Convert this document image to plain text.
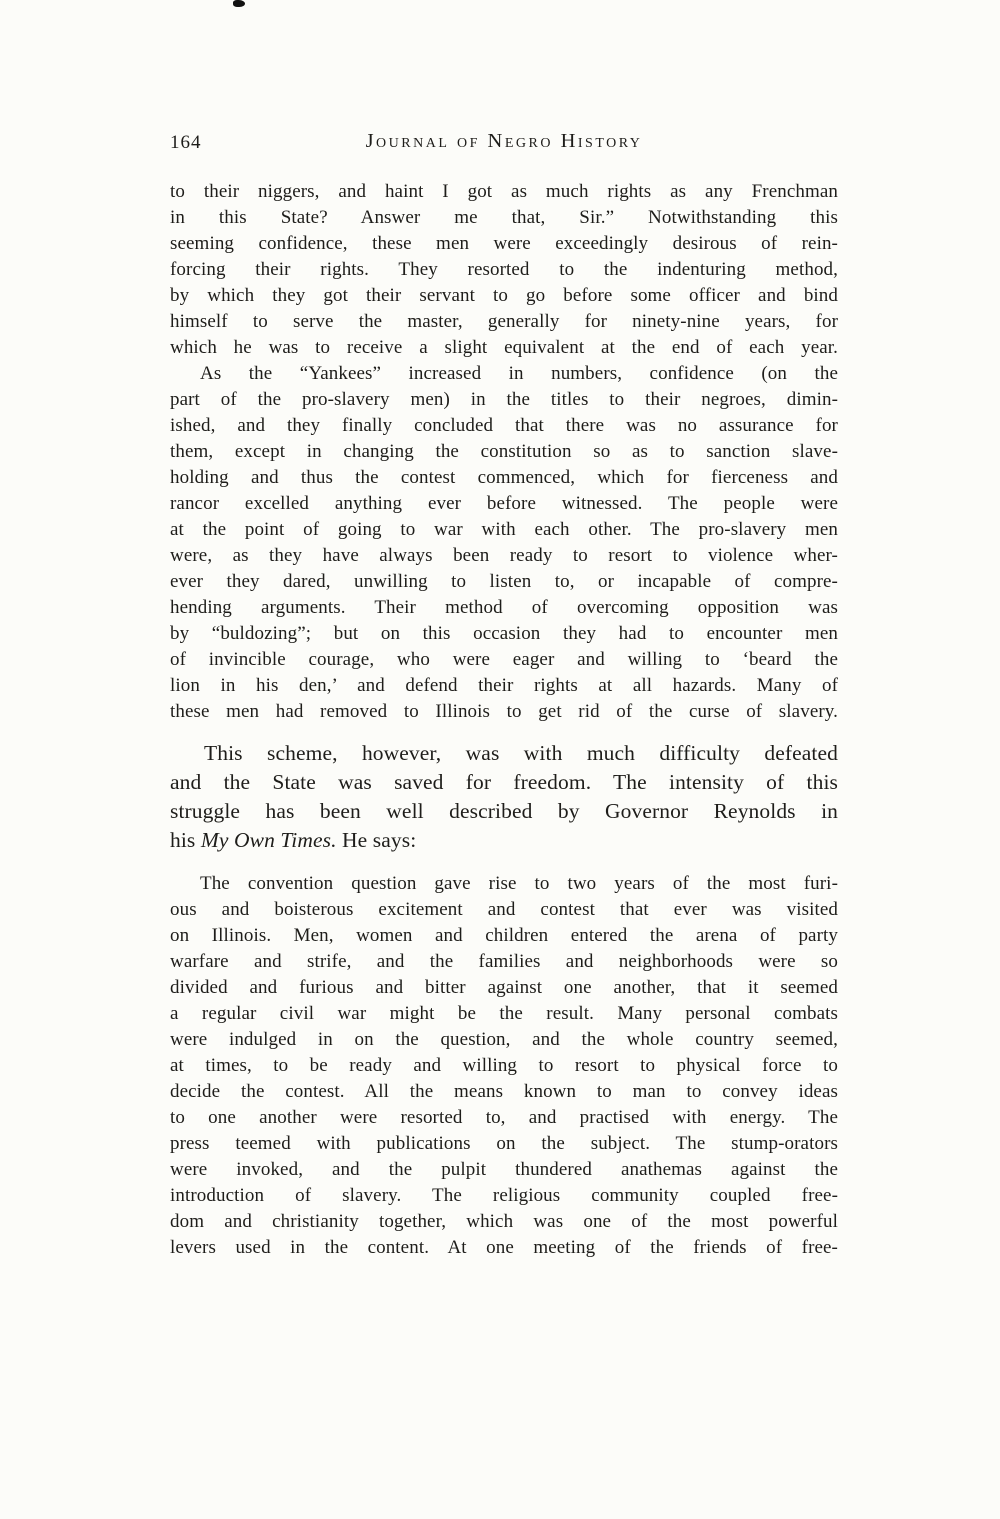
164	Journal of Negro History
to their niggers, and haint I got as much rights as any Frenchman
in this State? Answer me that, Sir.” Notwithstanding this
seeming confidence, these men were exceedingly desirous of rein-
forcing their rights. They resorted to the indenturing method,
by which they got their servant to go before some officer and bind
himself to serve the master, generally for ninety-nine years, for
which he was to receive a slight equivalent at the end of each year.
As the “Yankees” increased in numbers, confidence (on the
part of the pro-slavery men) in the titles to their negroes, dimin-
ished, and they finally concluded that there was no assurance for
them, except in changing the constitution so as to sanction slave-
holding and thus the contest commenced, which for fierceness and
rancor excelled anything ever before witnessed. The people were
at the point of going to war with each other. The pro-slavery men
were, as they have always been ready to resort to violence wher-
ever they dared, unwilling to listen to, or incapable of compre-
hending arguments. Their method of overcoming opposition was
by “buldozing”; but on this occasion they had to encounter men
of invincible courage, who were eager and willing to ‘beard the
lion in his den,’ and defend their rights at all hazards. Many of
these men had removed to Illinois to get rid of the curse of slavery.
This scheme, however, was with much difficulty defeated
and the State was saved for freedom. The intensity of this
struggle has been well described by Governor Reynolds in
his My Own Times. He says:
The convention question gave rise to two years of the most furi-
ous and boisterous excitement and contest that ever was visited
on Illinois. Men, women and children entered the arena of party
warfare and strife, and the families and neighborhoods were so
divided and furious and bitter against one another, that it seemed
a regular civil war might be the result. Many personal combats
were indulged in on the question, and the whole country seemed,
at times, to be ready and willing to resort to physical force to
decide the contest. All the means known to man to convey ideas
to one another were resorted to, and practised with energy. The
press teemed with publications on the subject. The stump-orators
were invoked, and the pulpit thundered anathemas against the
introduction of slavery. The religious community coupled free-
dom and christianity together, which was one of the most powerful
levers used in the content. At one meeting of the friends of free-
